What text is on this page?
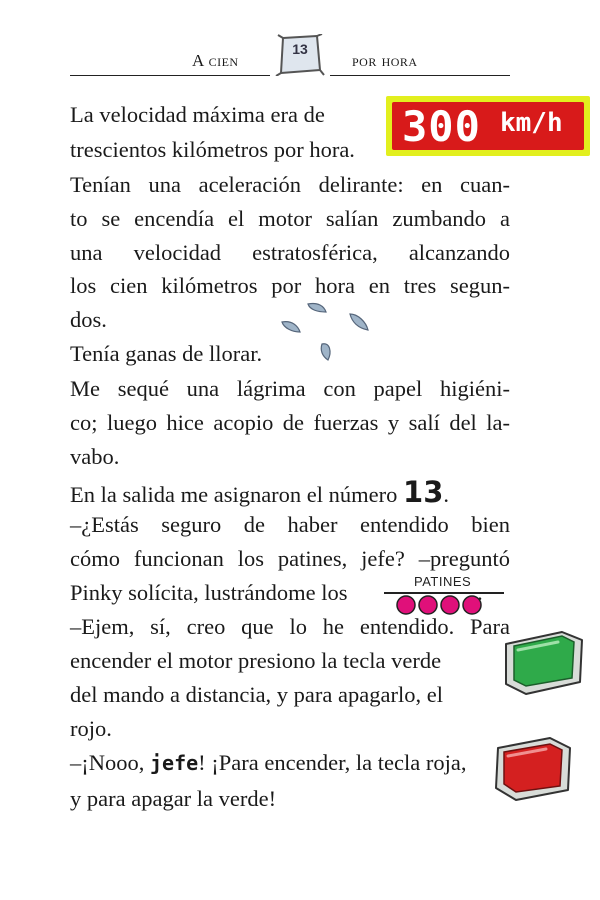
A cien	por hora
13
300 km/h
La velocidad máxima era de
trescientos kilómetros por hora.
Tenían una aceleración delirante: en cuan-
to se encendía el motor salían zumbando a
una velocidad estratosférica, alcanzando
los cien kilómetros por hora en tres segun-
dos.
Tenía ganas de llorar.
Me sequé una lágrima con papel higiéni-
co; luego hice acopio de fuerzas y salí del la-
vabo.
En la salida me asignaron el número 13.
–¿Estás seguro de haber entendido bien
cómo funcionan los patines, jefe? –preguntó
Pinky solícita, lustrándome los	PATINES
–Ejem, sí, creo que lo he entendido. Para
encender el motor presiono la tecla verde
del mando a distancia, y para apagarlo, el
rojo.
–¡Nooo, jefe! ¡Para encender, la tecla roja,
y para apagar la verde!
